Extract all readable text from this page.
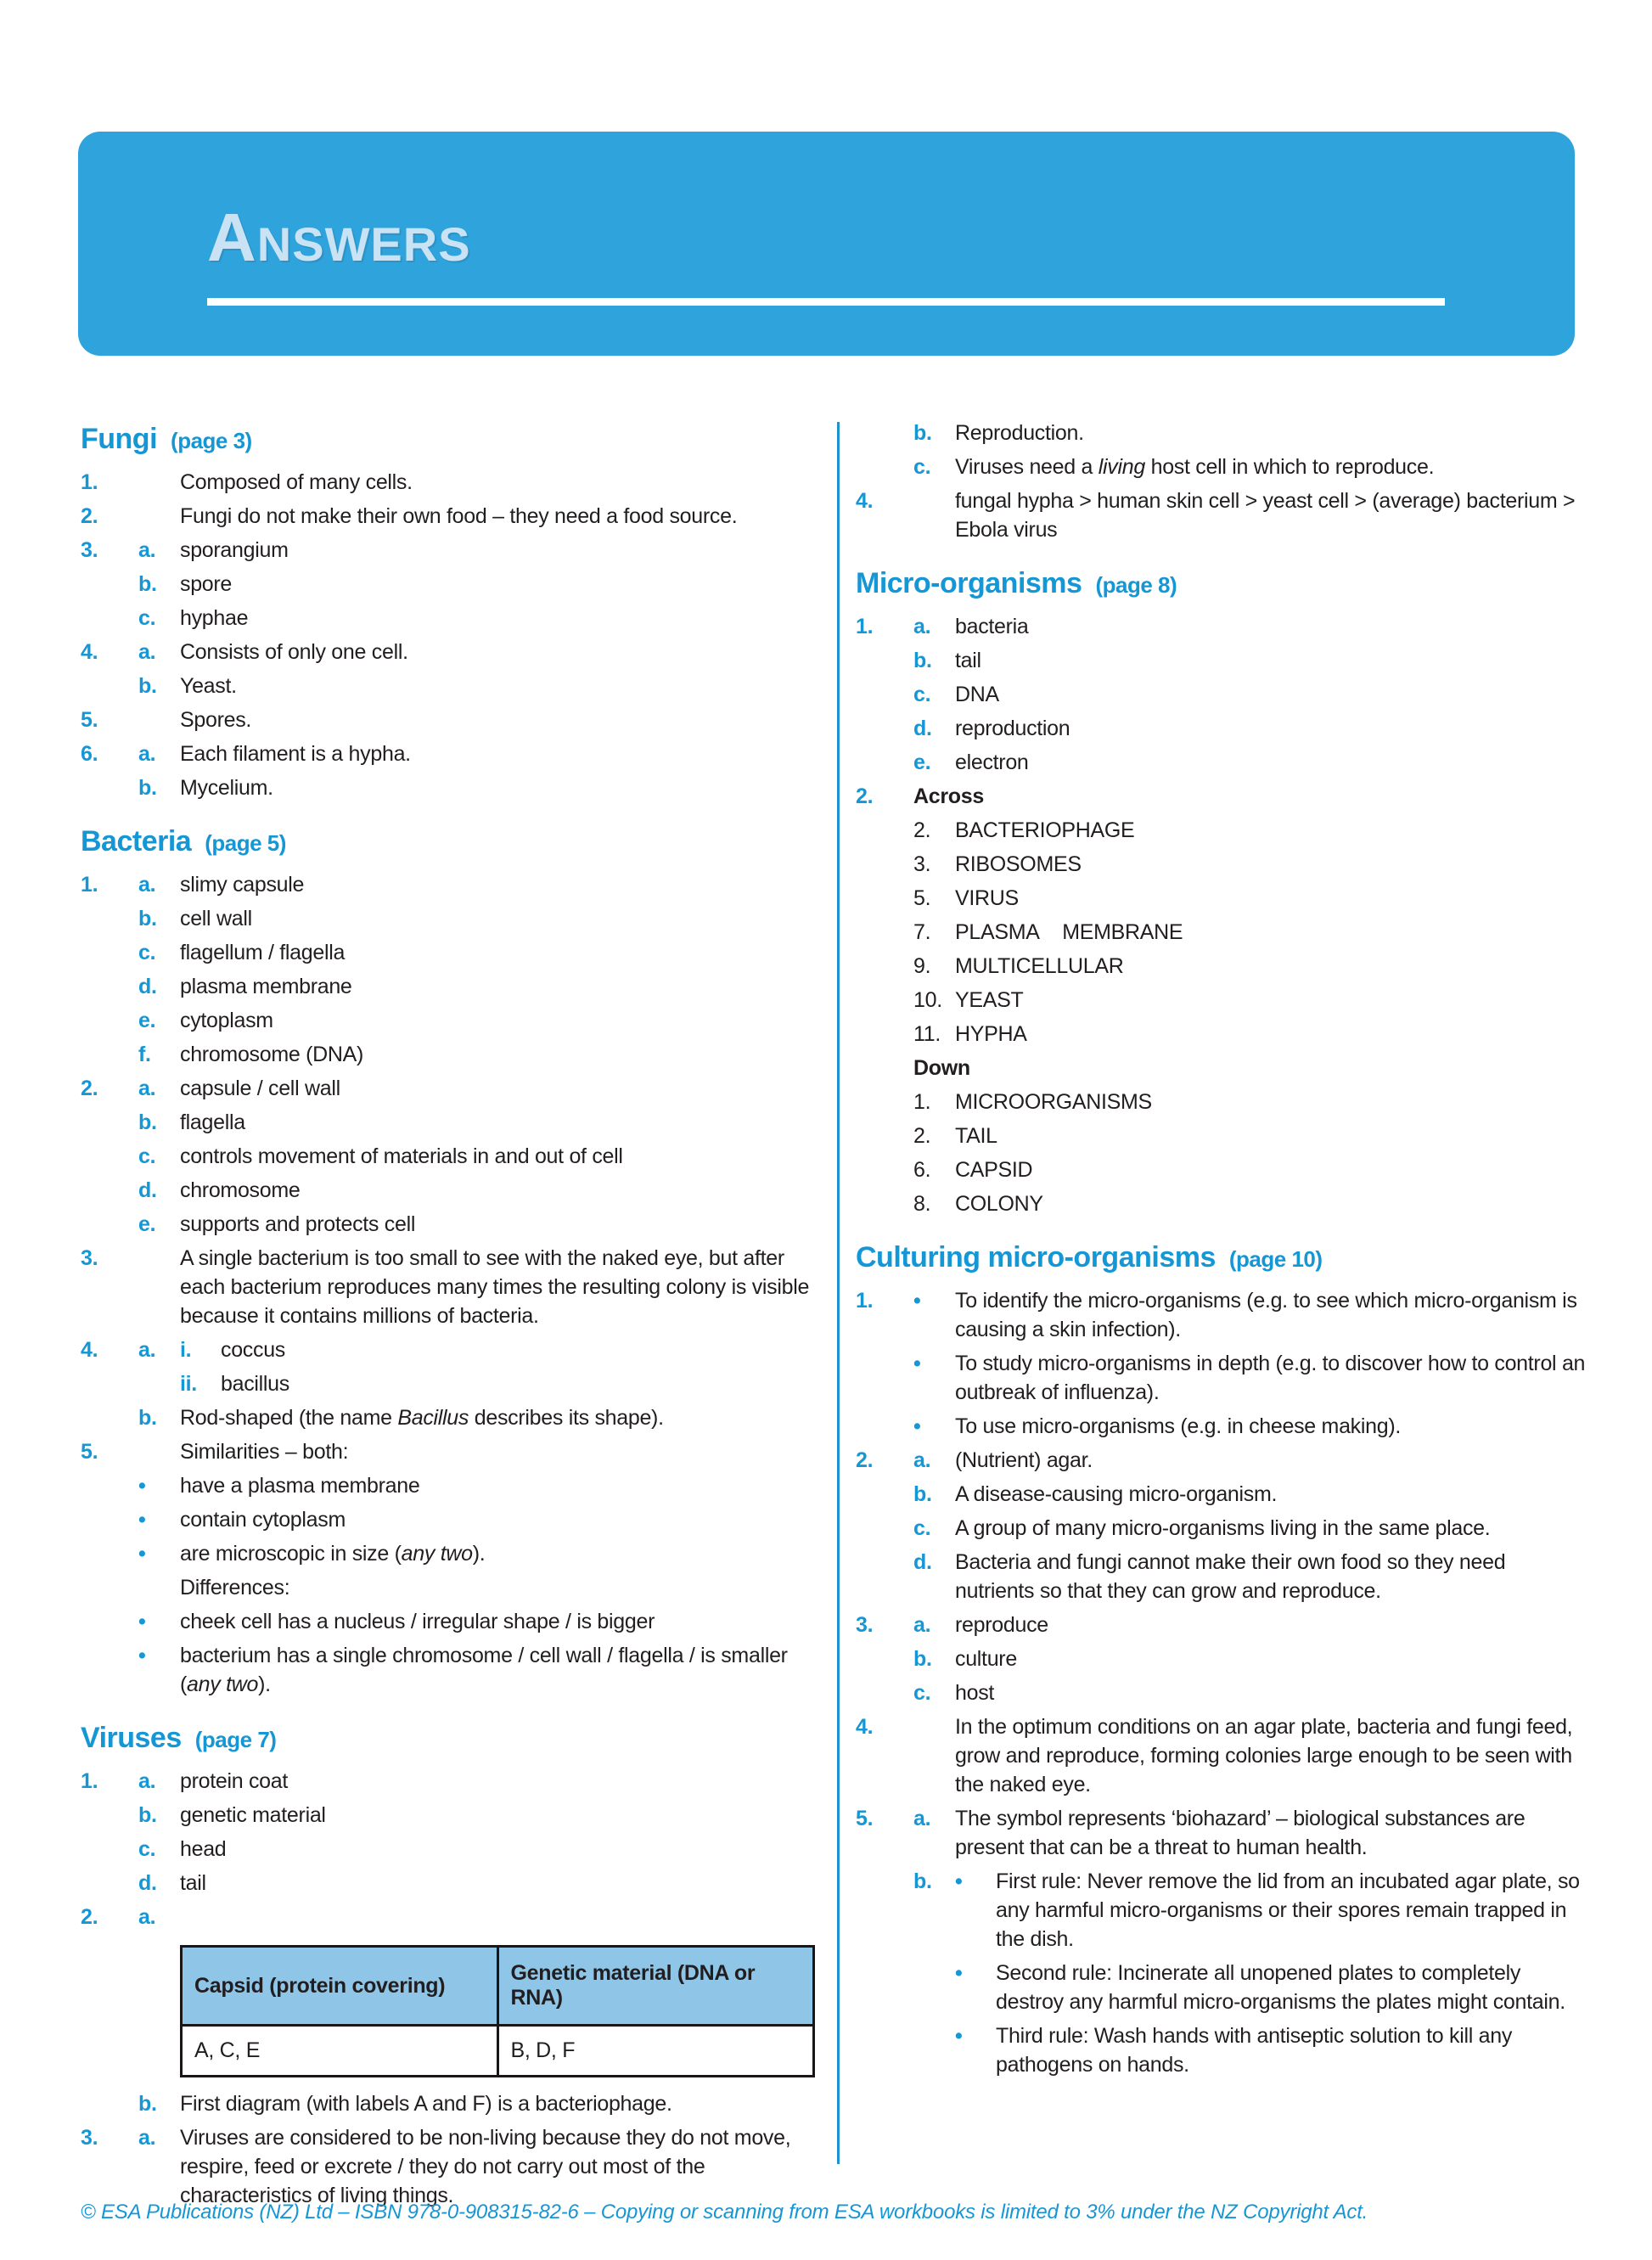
ANSWERS
Fungi (page 3)
1.	Composed of many cells.
2.	Fungi do not make their own food – they need a food source.
3.	a.	sporangium
b.	spore
c.	hyphae
4.	a.	Consists of only one cell.
b.	Yeast.
5.	Spores.
6.	a.	Each filament is a hypha.
b.	Mycelium.
Bacteria (page 5)
1.	a.	slimy capsule
b.	cell wall
c.	flagellum / flagella
d.	plasma membrane
e.	cytoplasm
f.	chromosome (DNA)
2.	a.	capsule / cell wall
b.	flagella
c.	controls movement of materials in and out of cell
d.	chromosome
e.	supports and protects cell
3.	A single bacterium is too small to see with the naked eye, but after each bacterium reproduces many times the resulting colony is visible because it contains millions of bacteria.
4.	a.	i.	coccus
ii.	bacillus
b.	Rod-shaped (the name Bacillus describes its shape).
5.	Similarities – both:
•	have a plasma membrane
•	contain cytoplasm
•	are microscopic in size (any two).
Differences:
•	cheek cell has a nucleus / irregular shape / is bigger
•	bacterium has a single chromosome / cell wall / flagella / is smaller (any two).
Viruses (page 7)
1.	a.	protein coat
b.	genetic material
c.	head
d.	tail
2.	a.
Capsid (protein covering)	Genetic material (DNA or RNA)
A, C, E	B, D, F
b.	First diagram (with labels A and F) is a bacteriophage.
3.	a.	Viruses are considered to be non-living because they do not move, respire, feed or excrete / they do not carry out most of the characteristics of living things.
b.	Reproduction.
c.	Viruses need a living host cell in which to reproduce.
4.	fungal hypha > human skin cell > yeast cell > (average) bacterium > Ebola virus
Micro-organisms (page 8)
1.	a.	bacteria
b.	tail
c.	DNA
d.	reproduction
e.	electron
2.	Across
2.	BACTERIOPHAGE
3.	RIBOSOMES
5.	VIRUS
7.	PLASMA    MEMBRANE
9.	MULTICELLULAR
10. YEAST
11. HYPHA
Down
1.	MICROORGANISMS
2.	TAIL
6.	CAPSID
8.	COLONY
Culturing micro-organisms (page 10)
1.	•	To identify the micro-organisms (e.g. to see which micro-organism is causing a skin infection).
•	To study micro-organisms in depth (e.g. to discover how to control an outbreak of influenza).
•	To use micro-organisms (e.g. in cheese making).
2.	a.	(Nutrient) agar.
b.	A disease-causing micro-organism.
c.	A group of many micro-organisms living in the same place.
d.	Bacteria and fungi cannot make their own food so they need nutrients so that they can grow and reproduce.
3.	a.	reproduce
b.	culture
c.	host
4.	In the optimum conditions on an agar plate, bacteria and fungi feed, grow and reproduce, forming colonies large enough to be seen with the naked eye.
5.	a.	The symbol represents ‘biohazard’ – biological substances are present that can be a threat to human health.
b.	•	First rule: Never remove the lid from an incubated agar plate, so any harmful micro-organisms or their spores remain trapped in the dish.
•	Second rule: Incinerate all unopened plates to completely destroy any harmful micro-organisms the plates might contain.
•	Third rule: Wash hands with antiseptic solution to kill any pathogens on hands.
© ESA Publications (NZ) Ltd – ISBN 978-0-908315-82-6 – Copying or scanning from ESA workbooks is limited to 3% under the NZ Copyright Act.
